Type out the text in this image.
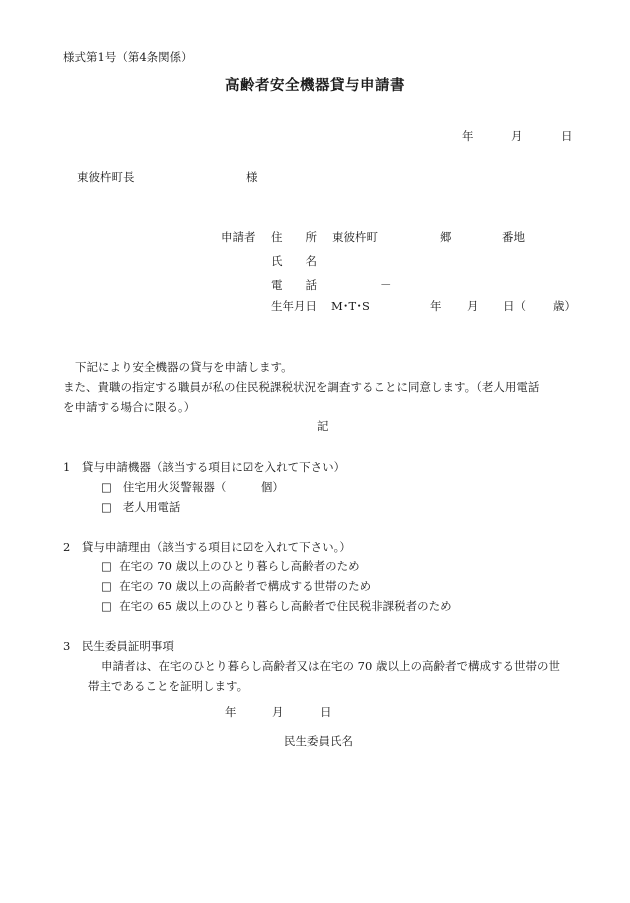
様式第1号（第4条関係）
高齢者安全機器貸与申請書
年	月	日
東彼杵町長	様
申請者 住　　所 東彼杵町	郷	番地
氏　　名
電　　話	－
生年月日 M･T･S	年 月 日（ 歳）
下記により安全機器の貸与を申請します。
また、貴職の指定する職員が私の住民税課税状況を調査することに同意します。（老人用電話
を申請する場合に限る。）
記
1　貸与申請機器（該当する項目に☑を入れて下さい）
□ 住宅用火災警報器（　　　個）
□ 老人用電話
2　貸与申請理由（該当する項目に☑を入れて下さい。）
□ 在宅の 70 歳以上のひとり暮らし高齢者のため
□ 在宅の 70 歳以上の高齢者で構成する世帯のため
□ 在宅の 65 歳以上のひとり暮らし高齢者で住民税非課税者のため
3　民生委員証明事項
申請者は、在宅のひとり暮らし高齢者又は在宅の 70 歳以上の高齢者で構成する世帯の世
帯主であることを証明します。
年	月	日
民生委員氏名
